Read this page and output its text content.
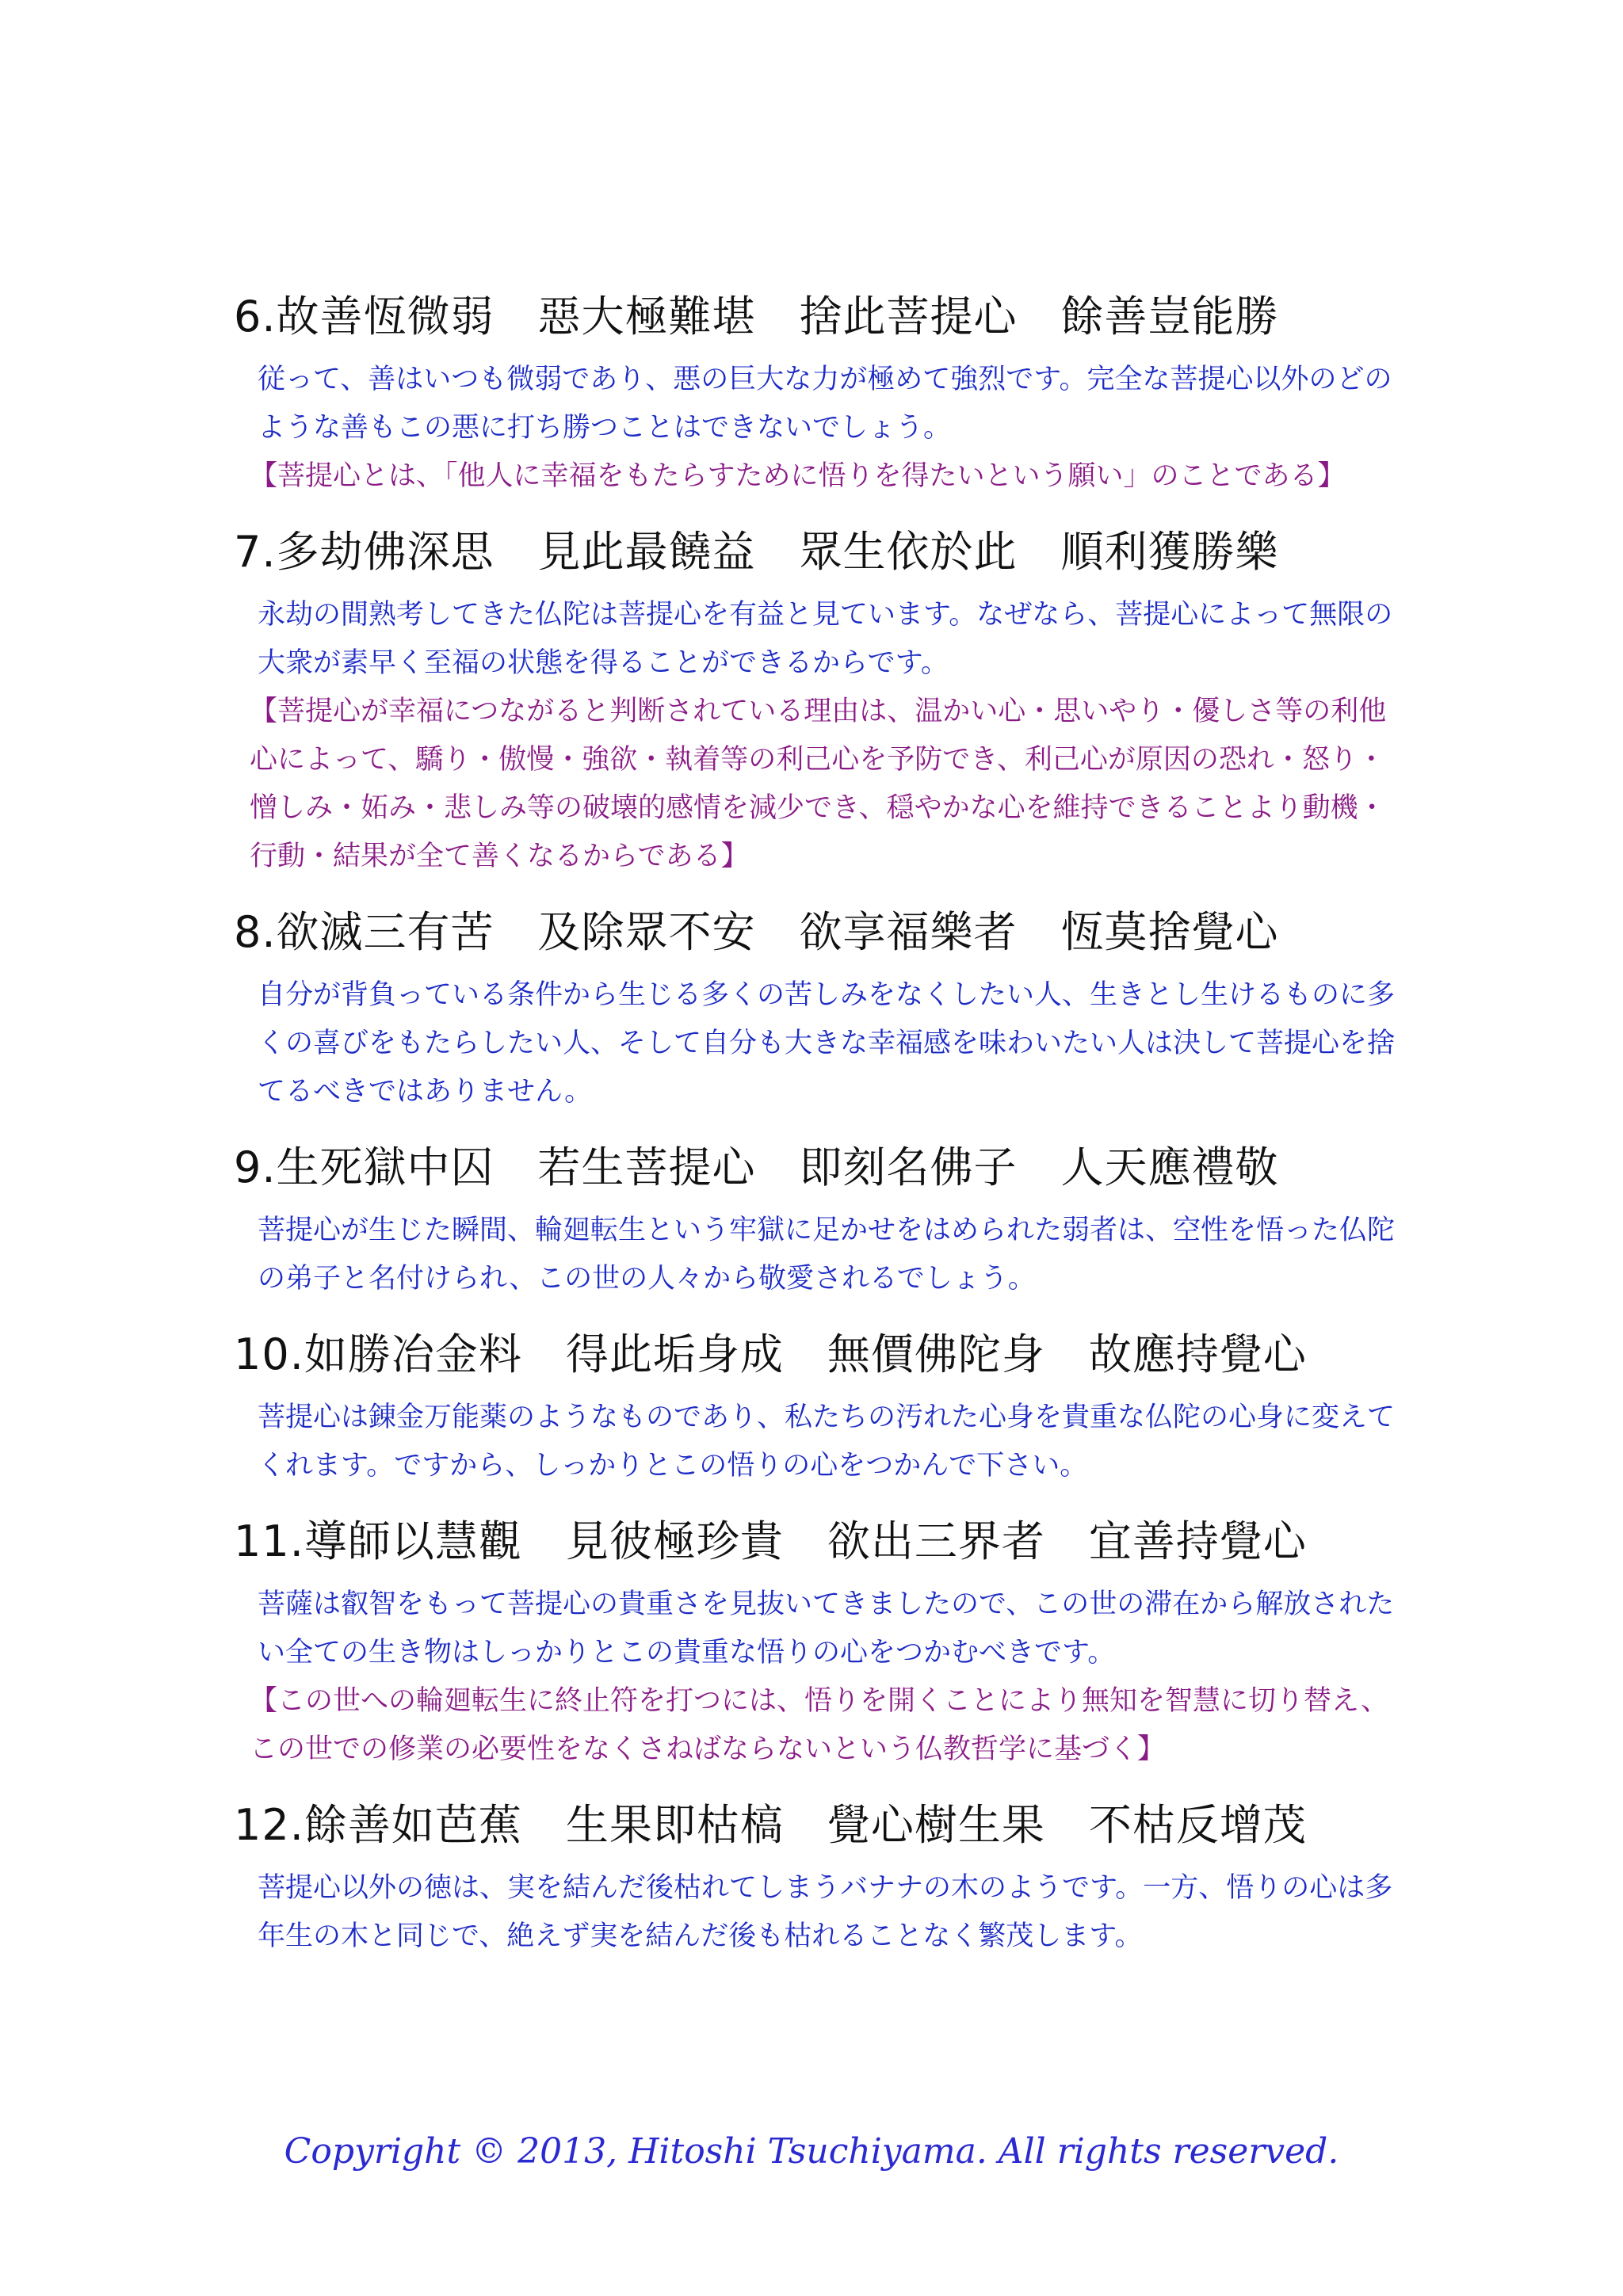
6.故善恆微弱　惡大極難堪　捨此菩提心　餘善豈能勝

従って、善はいつも微弱であり、悪の巨大な力が極めて強烈です。完全な菩提心以外のどのような善もこの悪に打ち勝つことはできないでしょう。

【菩提心とは、「他人に幸福をもたらすために悟りを得たいという願い」のことである】

7.多劫佛深思　見此最饒益　眾生依於此　順利獲勝樂

永劫の間熟考してきた仏陀は菩提心を有益と見ています。なぜなら、菩提心によって無限の大衆が素早く至福の状態を得ることができるからです。

【菩提心が幸福につながると判断されている理由は、温かい心・思いやり・優しさ等の利他心によって、驕り・傲慢・強欲・執着等の利己心を予防でき、利己心が原因の恐れ・怒り・憎しみ・妬み・悲しみ等の破壊的感情を減少でき、穏やかな心を維持できることより動機・行動・結果が全て善くなるからである】

8.欲滅三有苦　及除眾不安　欲享福樂者　恆莫捨覺心

自分が背負っている条件から生じる多くの苦しみをなくしたい人、生きとし生けるものに多くの喜びをもたらしたい人、そして自分も大きな幸福感を味わいたい人は決して菩提心を捨てるべきではありません。

9.生死獄中囚　若生菩提心　即刻名佛子　人天應禮敬

菩提心が生じた瞬間、輪廻転生という牢獄に足かせをはめられた弱者は、空性を悟った仏陀の弟子と名付けられ、この世の人々から敬愛されるでしょう。

10.如勝冶金料　得此垢身成　無價佛陀身　故應持覺心

菩提心は錬金万能薬のようなものであり、私たちの汚れた心身を貴重な仏陀の心身に変えてくれます。ですから、しっかりとこの悟りの心をつかんで下さい。

11.導師以慧觀　見彼極珍貴　欲出三界者　宜善持覺心

菩薩は叡智をもって菩提心の貴重さを見抜いてきましたので、この世の滞在から解放されたい全ての生き物はしっかりとこの貴重な悟りの心をつかむべきです。

【この世への輪廻転生に終止符を打つには、悟りを開くことにより無知を智慧に切り替え、この世での修業の必要性をなくさねばならないという仏教哲学に基づく】

12.餘善如芭蕉　生果即枯槁　覺心樹生果　不枯反增茂

菩提心以外の徳は、実を結んだ後枯れてしまうバナナの木のようです。一方、悟りの心は多年生の木と同じで、絶えず実を結んだ後も枯れることなく繁茂します。

Copyright © 2013, Hitoshi Tsuchiyama. All rights reserved.
